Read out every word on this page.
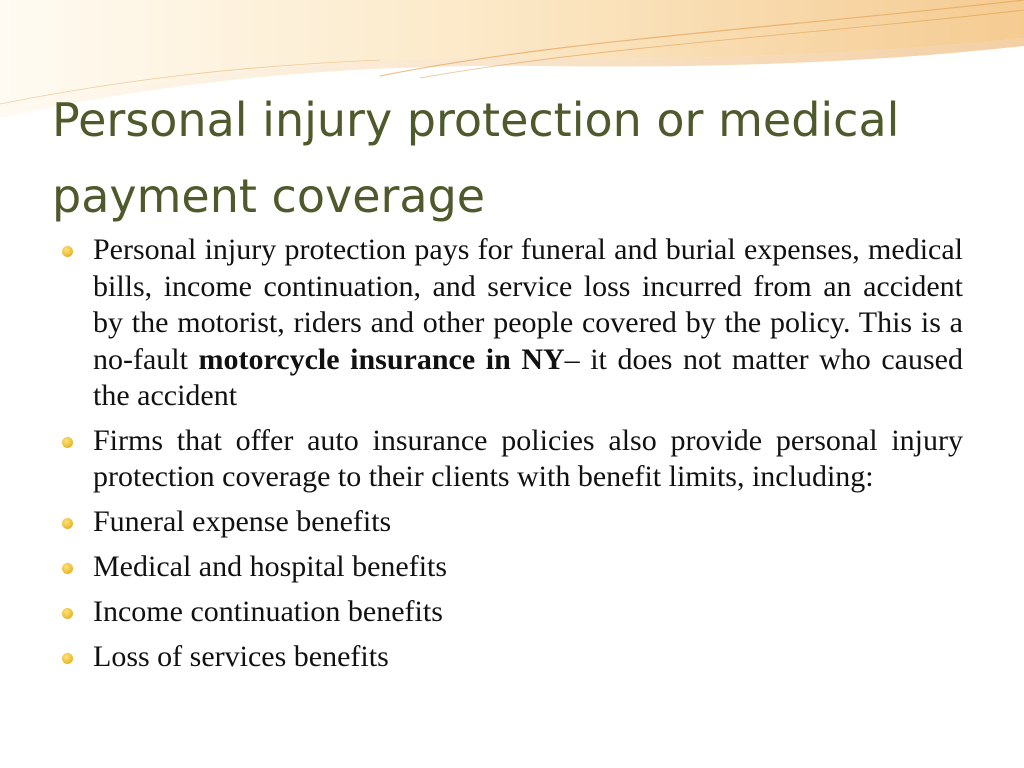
Personal injury protection or medical payment coverage
Personal injury protection pays for funeral and burial expenses, medical bills, income continuation, and service loss incurred from an accident by the motorist, riders and other people covered by the policy. This is a no-fault motorcycle insurance in NY– it does not matter who caused the accident
Firms that offer auto insurance policies also provide personal injury protection coverage to their clients with benefit limits, including:
Funeral expense benefits
Medical and hospital benefits
Income continuation benefits
Loss of services benefits
